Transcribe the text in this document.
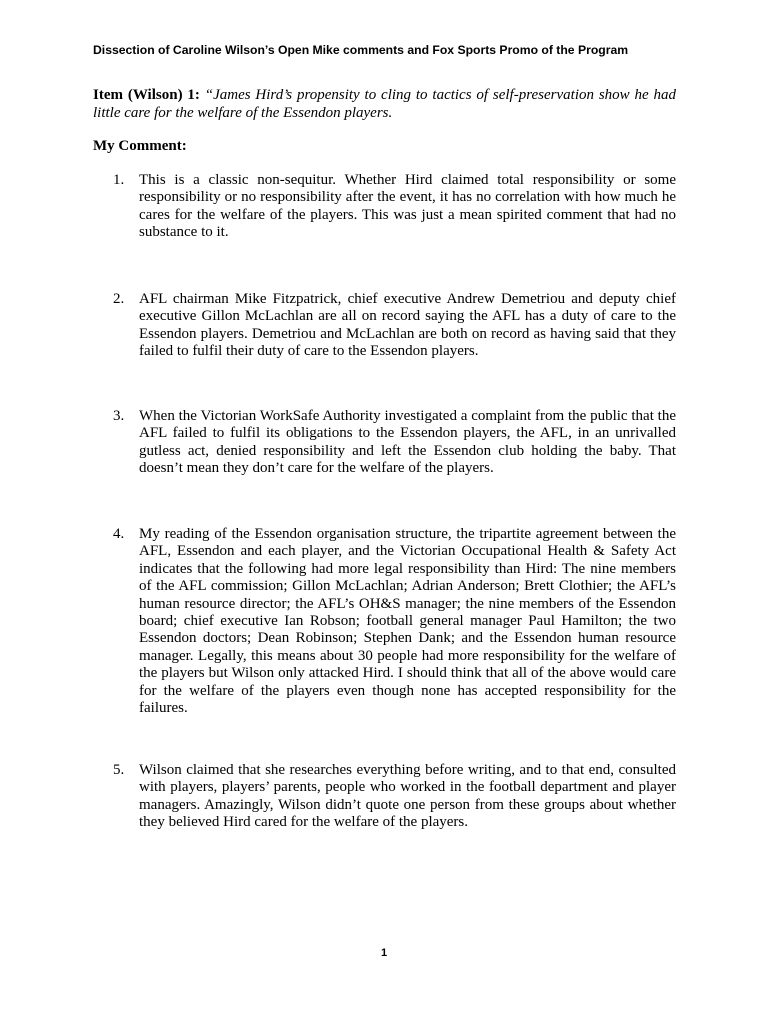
Dissection of Caroline Wilson’s Open Mike comments and Fox Sports Promo of the Program
Item (Wilson) 1: “James Hird’s propensity to cling to tactics of self-preservation show he had little care for the welfare of the Essendon players.
My Comment:
1. This is a classic non-sequitur. Whether Hird claimed total responsibility or some responsibility or no responsibility after the event, it has no correlation with how much he cares for the welfare of the players. This was just a mean spirited comment that had no substance to it.
2. AFL chairman Mike Fitzpatrick, chief executive Andrew Demetriou and deputy chief executive Gillon McLachlan are all on record saying the AFL has a duty of care to the Essendon players. Demetriou and McLachlan are both on record as having said that they failed to fulfil their duty of care to the Essendon players.
3. When the Victorian WorkSafe Authority investigated a complaint from the public that the AFL failed to fulfil its obligations to the Essendon players, the AFL, in an unrivalled gutless act, denied responsibility and left the Essendon club holding the baby. That doesn’t mean they don’t care for the welfare of the players.
4. My reading of the Essendon organisation structure, the tripartite agreement between the AFL, Essendon and each player, and the Victorian Occupational Health & Safety Act indicates that the following had more legal responsibility than Hird: The nine members of the AFL commission; Gillon McLachlan; Adrian Anderson; Brett Clothier; the AFL’s human resource director; the AFL’s OH&S manager; the nine members of the Essendon board; chief executive Ian Robson; football general manager Paul Hamilton; the two Essendon doctors; Dean Robinson; Stephen Dank; and the Essendon human resource manager. Legally, this means about 30 people had more responsibility for the welfare of the players but Wilson only attacked Hird. I should think that all of the above would care for the welfare of the players even though none has accepted responsibility for the failures.
5. Wilson claimed that she researches everything before writing, and to that end, consulted with players, players’ parents, people who worked in the football department and player managers. Amazingly, Wilson didn’t quote one person from these groups about whether they believed Hird cared for the welfare of the players.
1
